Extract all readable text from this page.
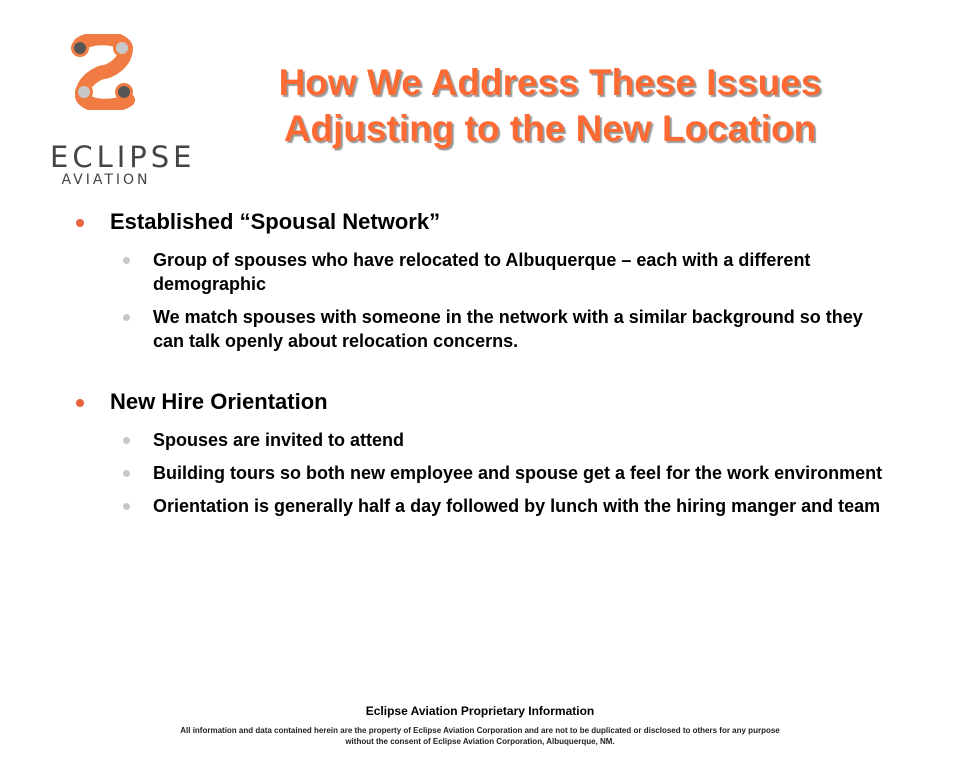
ECLIPSE
AVIATION
How We Address These Issues
Adjusting to the New Location
Established “Spousal Network”
Group of spouses who have relocated to Albuquerque – each with a different demographic
We match spouses with someone in the network with a similar background so they can talk openly about relocation concerns.
New Hire Orientation
Spouses are invited to attend
Building tours so both new employee and spouse get a feel for the work environment
Orientation is generally half a day followed by lunch with the hiring manger and team
Eclipse Aviation Proprietary Information
All information and data contained herein are the property of Eclipse Aviation Corporation and are not to be duplicated or disclosed to others for any purpose without the consent of Eclipse Aviation Corporation, Albuquerque, NM.
